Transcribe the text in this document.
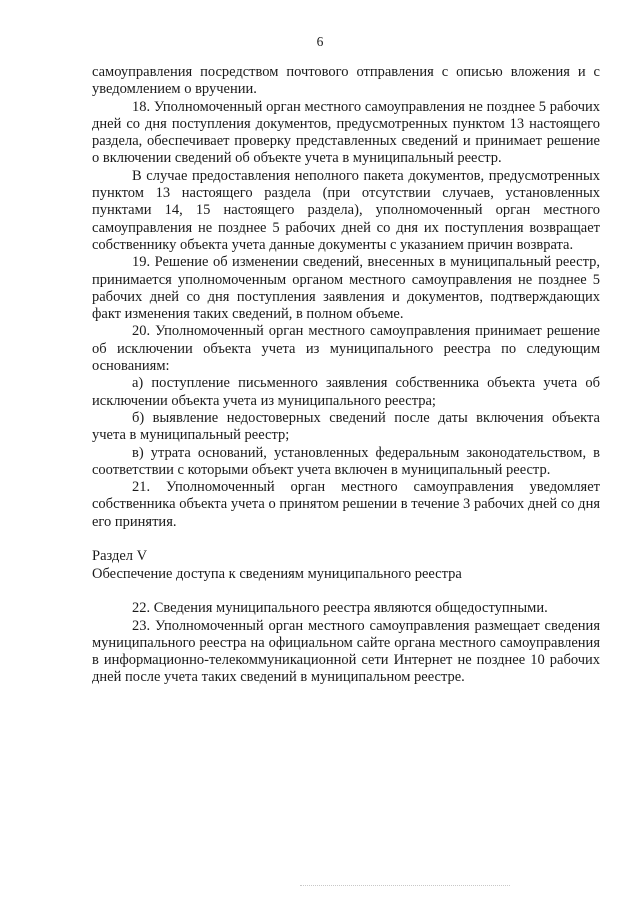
6

самоуправления посредством почтового отправления с описью вложения и с уведомлением о вручении.

18. Уполномоченный орган местного самоуправления не позднее 5 рабочих дней со дня поступления документов, предусмотренных пунктом 13 настоящего раздела, обеспечивает проверку представленных сведений и принимает решение о включении сведений об объекте учета в муниципальный реестр.

В случае предоставления неполного пакета документов, предусмотренных пунктом 13 настоящего раздела (при отсутствии случаев, установленных пунктами 14, 15 настоящего раздела), уполномоченный орган местного самоуправления не позднее 5 рабочих дней со дня их поступления возвращает собственнику объекта учета данные документы с указанием причин возврата.

19. Решение об изменении сведений, внесенных в муниципальный реестр, принимается уполномоченным органом местного самоуправления не позднее 5 рабочих дней со дня поступления заявления и документов, подтверждающих факт изменения таких сведений, в полном объеме.

20. Уполномоченный орган местного самоуправления принимает решение об исключении объекта учета из муниципального реестра по следующим основаниям:

а) поступление письменного заявления собственника объекта учета об исключении объекта учета из муниципального реестра;

б) выявление недостоверных сведений после даты включения объекта учета в муниципальный реестр;

в) утрата оснований, установленных федеральным законодательством, в соответствии с которыми объект учета включен в муниципальный реестр.

21. Уполномоченный орган местного самоуправления уведомляет собственника объекта учета о принятом решении в течение 3 рабочих дней со дня его принятия.

Раздел V

Обеспечение доступа к сведениям муниципального реестра

22. Сведения муниципального реестра являются общедоступными.

23. Уполномоченный орган местного самоуправления размещает сведения муниципального реестра на официальном сайте органа местного самоуправления в информационно-телекоммуникационной сети Интернет не позднее 10 рабочих дней после учета таких сведений в муниципальном реестре.
